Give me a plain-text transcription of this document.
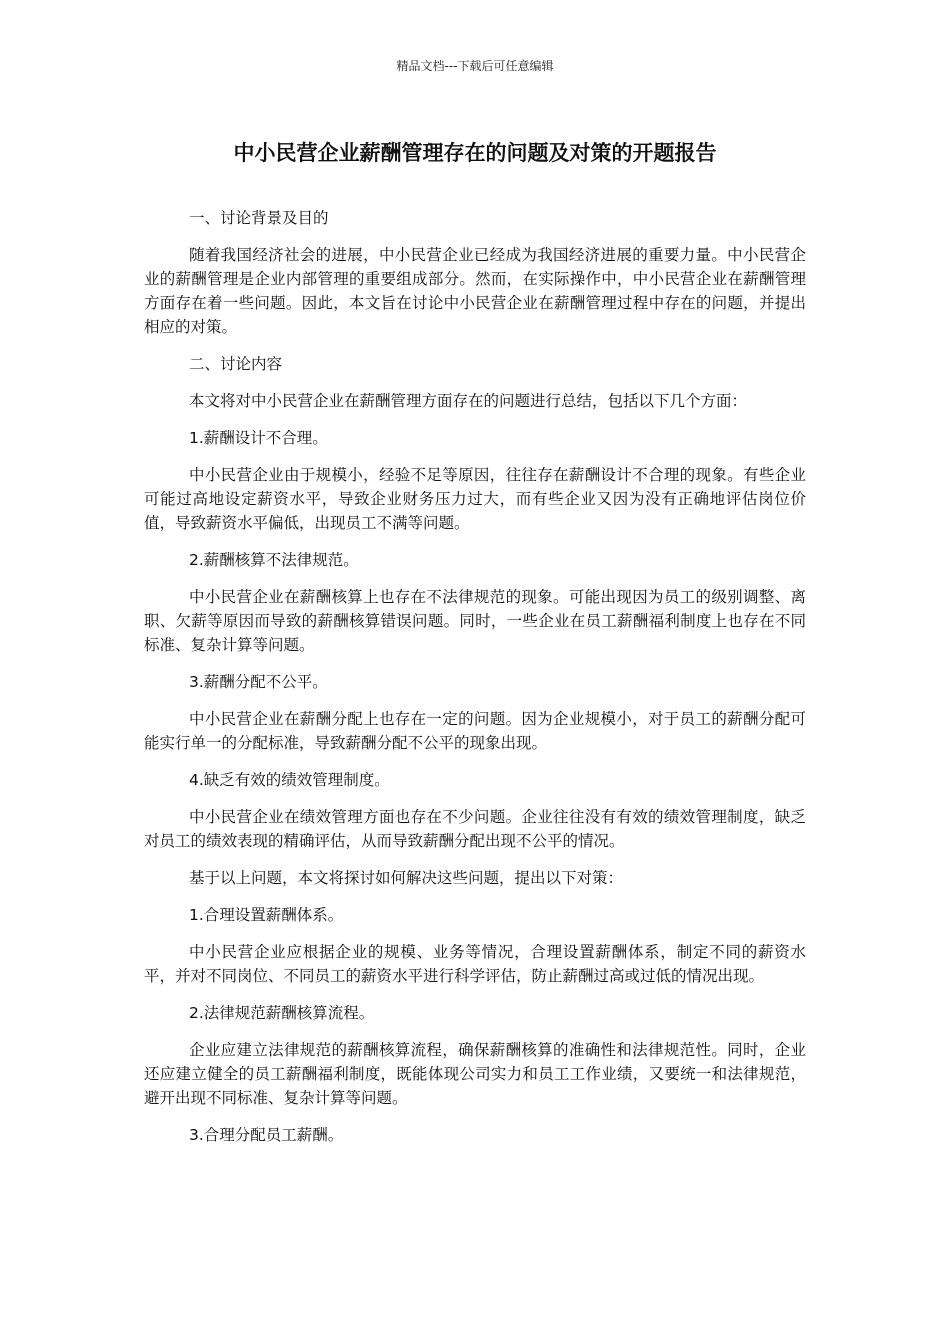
精品文档---下载后可任意编辑
中小民营企业薪酬管理存在的问题及对策的开题报告

一、讨论背景及目的

随着我国经济社会的进展，中小民营企业已经成为我国经济进展的重要力量。中小民营企业的薪酬管理是企业内部管理的重要组成部分。然而，在实际操作中，中小民营企业在薪酬管理方面存在着一些问题。因此，本文旨在讨论中小民营企业在薪酬管理过程中存在的问题，并提出相应的对策。

二、讨论内容

本文将对中小民营企业在薪酬管理方面存在的问题进行总结，包括以下几个方面：

1.薪酬设计不合理。

中小民营企业由于规模小，经验不足等原因，往往存在薪酬设计不合理的现象。有些企业可能过高地设定薪资水平，导致企业财务压力过大，而有些企业又因为没有正确地评估岗位价值，导致薪资水平偏低，出现员工不满等问题。

2.薪酬核算不法律规范。

中小民营企业在薪酬核算上也存在不法律规范的现象。可能出现因为员工的级别调整、离职、欠薪等原因而导致的薪酬核算错误问题。同时，一些企业在员工薪酬福利制度上也存在不同标准、复杂计算等问题。

3.薪酬分配不公平。

中小民营企业在薪酬分配上也存在一定的问题。因为企业规模小，对于员工的薪酬分配可能实行单一的分配标准，导致薪酬分配不公平的现象出现。

4.缺乏有效的绩效管理制度。

中小民营企业在绩效管理方面也存在不少问题。企业往往没有有效的绩效管理制度，缺乏对员工的绩效表现的精确评估，从而导致薪酬分配出现不公平的情况。

基于以上问题，本文将探讨如何解决这些问题，提出以下对策：

1.合理设置薪酬体系。

中小民营企业应根据企业的规模、业务等情况，合理设置薪酬体系，制定不同的薪资水平，并对不同岗位、不同员工的薪资水平进行科学评估，防止薪酬过高或过低的情况出现。

2.法律规范薪酬核算流程。

企业应建立法律规范的薪酬核算流程，确保薪酬核算的准确性和法律规范性。同时，企业还应建立健全的员工薪酬福利制度，既能体现公司实力和员工工作业绩，又要统一和法律规范，避开出现不同标准、复杂计算等问题。

3.合理分配员工薪酬。
